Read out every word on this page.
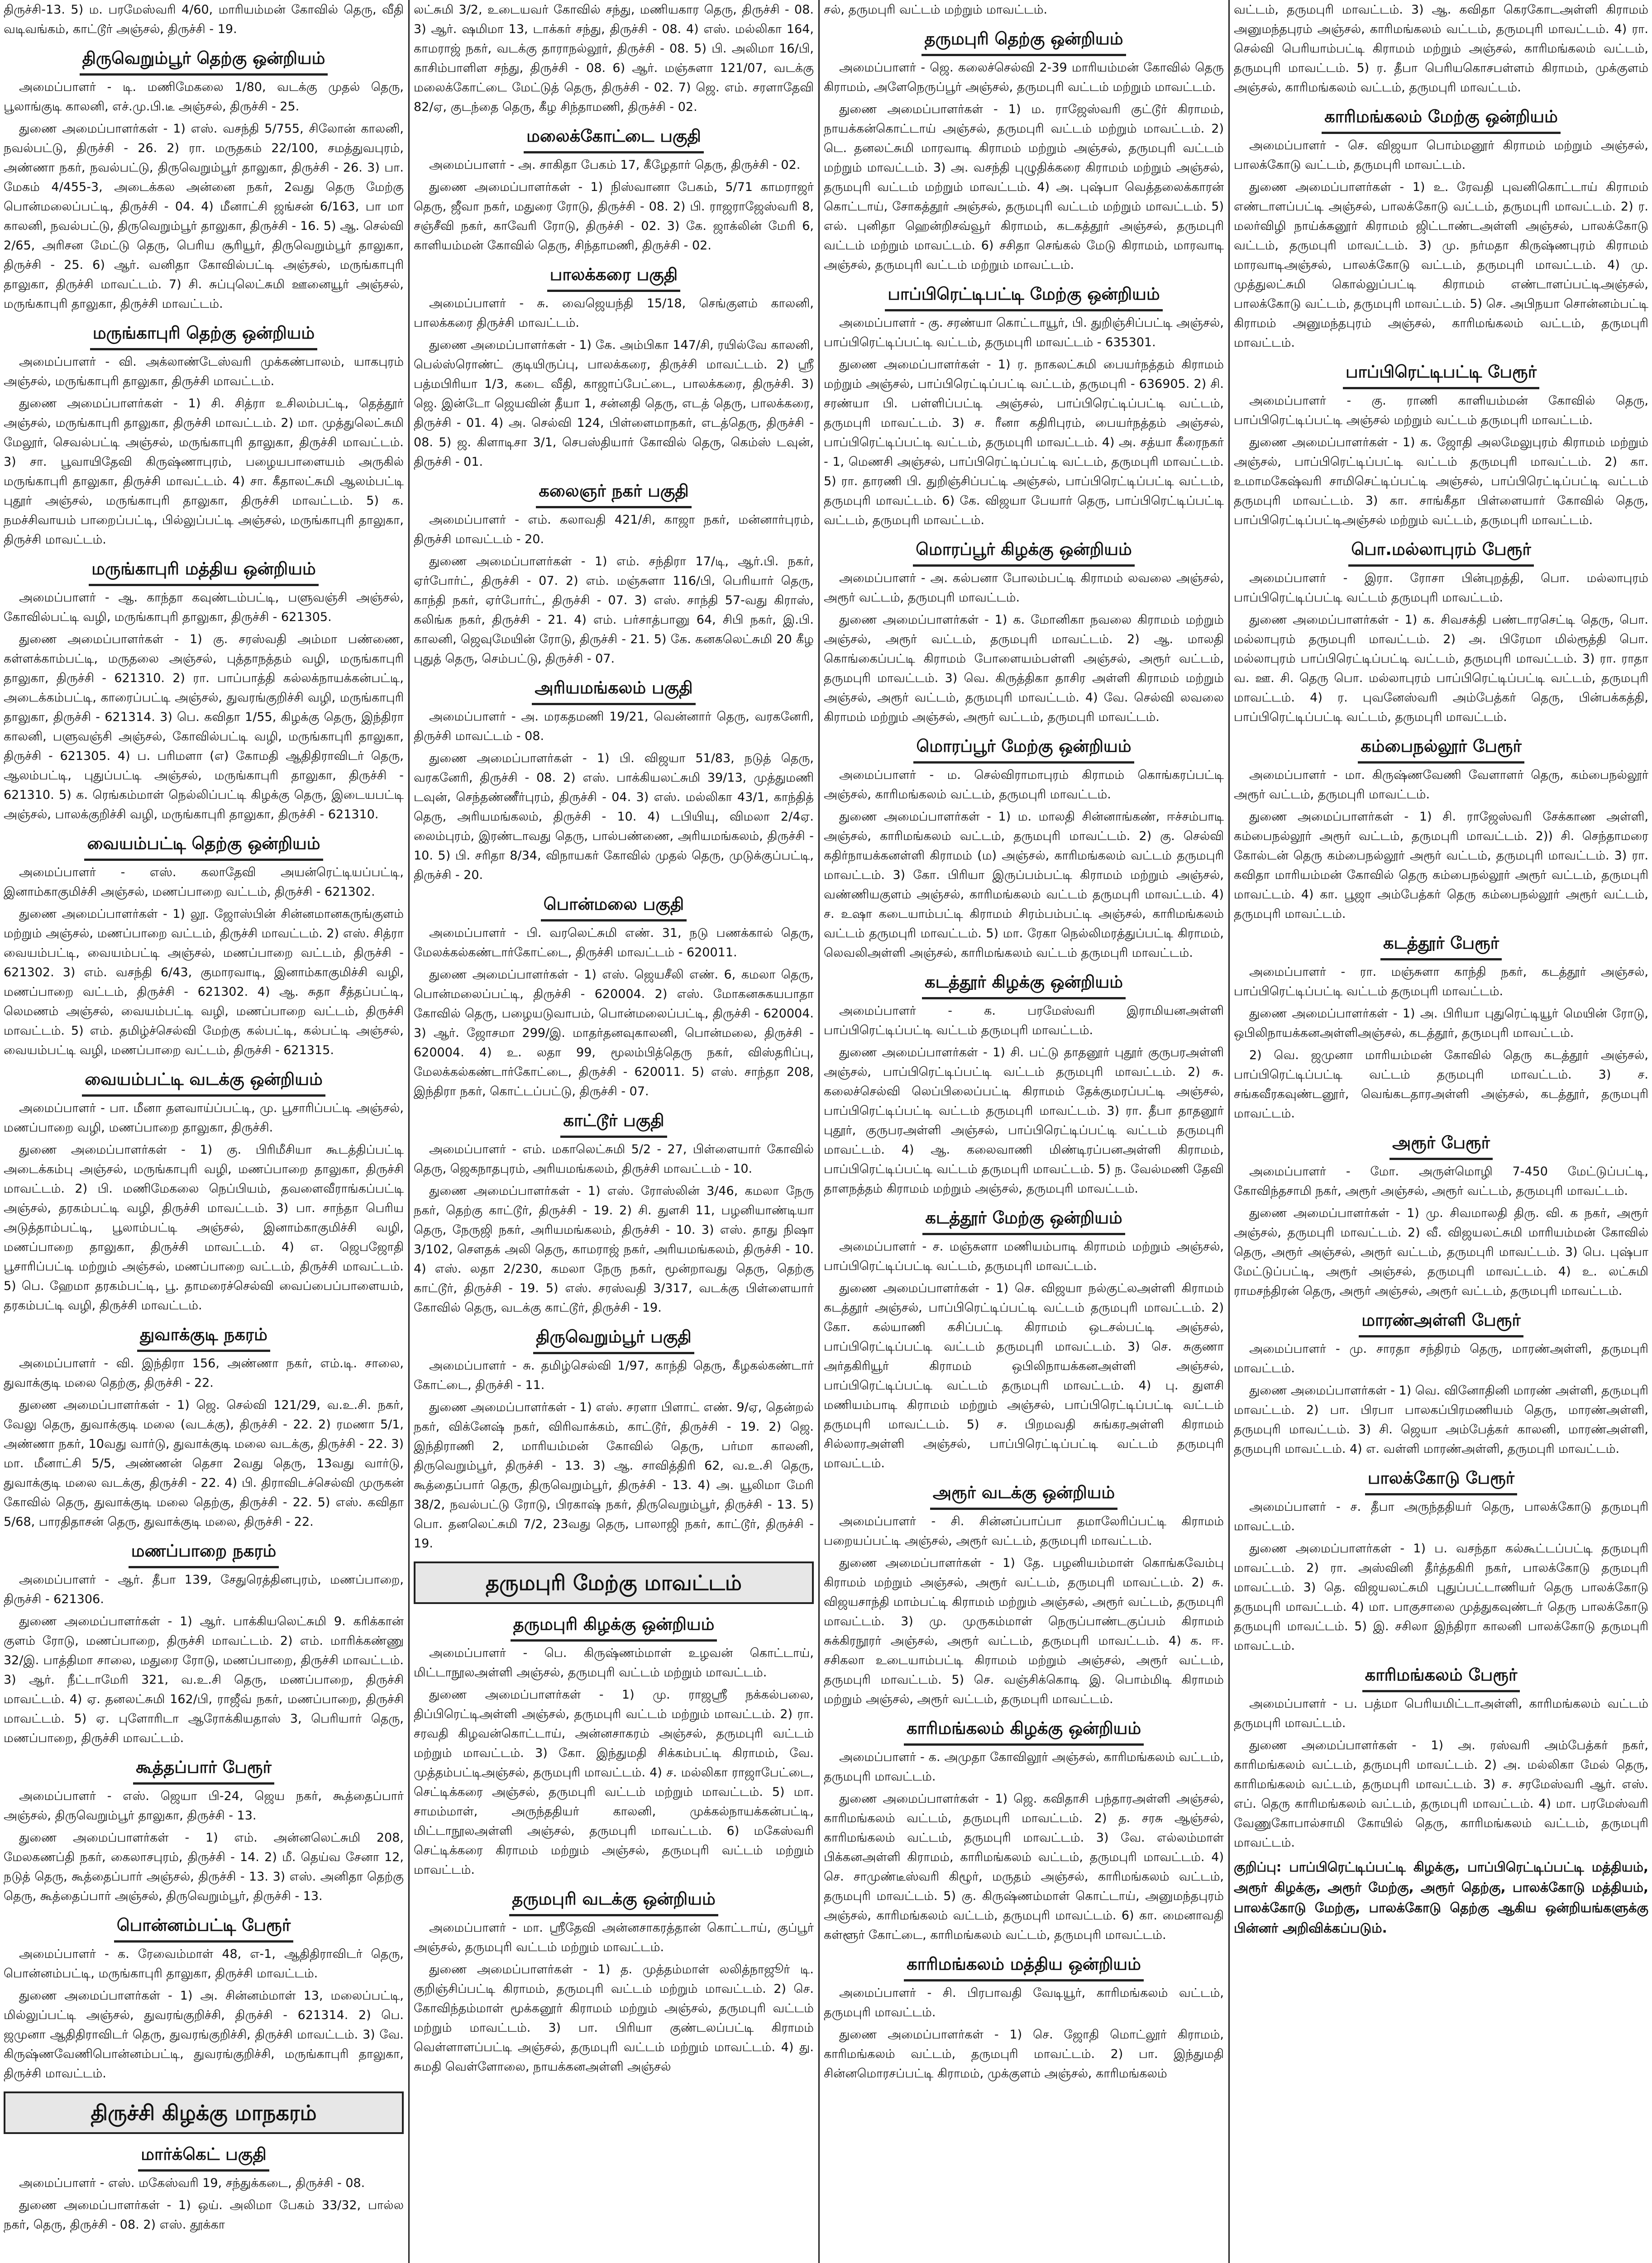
திருச்சி-13. 5) ம. பரமேஸ்வரி 4/60, மாரியம்மன் கோவில் தெரு, வீதி வடிவங்கம், காட்டூர் அஞ்சல், திருச்சி - 19.

திருவெறும்பூர் தெற்கு ஒன்றியம்

அமைப்பாளர் - டி. மணிமேகலை 1/80, வடக்கு முதல் தெரு, பூலாங்குடி காலனி, எச்.மு.பி.டீ அஞ்சல், திருச்சி - 25.

துணை அமைப்பாளர்கள் - 1) எஸ். வசந்தி 5/755, சிலோன் காலனி, நவல்பட்டு, திருச்சி - 26. 2) ரா. மருதகம் 22/100, சமத்துவபுரம், அண்ணா நகர், நவல்பட்டு, திருவெறும்பூர் தாலுகா, திருச்சி - 26. 3) பா. மேகம் 4/455-3, அடைக்கல அன்னை நகர், 2வது தெரு மேற்கு பொன்மலைப்பட்டி, திருச்சி - 04. 4) மீனாட்சி ஜங்சன் 6/163, பா மா காலனி, நவல்பட்டு, திருவெறும்பூர் தாலுகா, திருச்சி - 16. 5) ஆ. செல்வி 2/65, அரிசன மேட்டு தெரு, பெரிய சூரியூர், திருவெறும்பூர் தாலுகா, திருச்சி - 25. 6) ஆர். வனிதா கோவில்பட்டி அஞ்சல், மருங்காபுரி தாலுகா, திருச்சி மாவட்டம். 7) சி. சுப்புலெட்சுமி ஊனையூர் அஞ்சல், மருங்காபுரி தாலுகா, திருச்சி மாவட்டம்.

மருங்காபுரி தெற்கு ஒன்றியம்

அமைப்பாளர் - வி. அக்லாண்டேஸ்வரி முக்கண்பாலம், யாகபுரம் அஞ்சல், மருங்காபுரி தாலுகா, திருச்சி மாவட்டம்.

துணை அமைப்பாளர்கள் - 1) சி. சித்ரா உசிலம்பட்டி, தெத்தூர் அஞ்சல், மருங்காபுரி தாலுகா, திருச்சி மாவட்டம். 2) மா. முத்துலெட்சுமி மேலூர், செவல்பட்டி அஞ்சல், மருங்காபுரி தாலுகா, திருச்சி மாவட்டம். 3) சா. பூவாயிதேவி கிருஷ்ணாபுரம், பழையபாளையம் அருகில் மருங்காபுரி தாலுகா, திருச்சி மாவட்டம். 4) சா. கீதாலட்சுமி ஆலம்பட்டி புதூர் அஞ்சல், மருங்காபுரி தாலுகா, திருச்சி மாவட்டம். 5) க. நமச்சிவாயம் பாறைப்பட்டி, பில்லுப்பட்டி அஞ்சல், மருங்காபுரி தாலுகா, திருச்சி மாவட்டம்.

மருங்காபுரி மத்திய ஒன்றியம்

அமைப்பாளர் - ஆ. காந்தா கவுண்டம்பட்டி, பளுவஞ்சி அஞ்சல், கோவில்பட்டி வழி, மருங்காபுரி தாலுகா, திருச்சி - 621305.

துணை அமைப்பாளர்கள் - 1) கு. சரஸ்வதி அம்மா பண்ணை, கள்ளக்காம்பட்டி, மருதலை அஞ்சல், புத்தாநத்தம் வழி, மருங்காபுரி தாலுகா, திருச்சி - 621310. 2) ரா. பாப்பாத்தி கல்லக்நாயக்கன்பட்டி, அடைக்கம்பட்டி, காரைப்பட்டி அஞ்சல், துவரங்குறிச்சி வழி, மருங்காபுரி தாலுகா, திருச்சி - 621314. 3) பெ. கவிதா 1/55, கிழக்கு தெரு, இந்திரா காலனி, பளுவஞ்சி அஞ்சல், கோவில்பட்டி வழி, மருங்காபுரி தாலுகா, திருச்சி - 621305. 4) ப. பரிமளா (எ) கோமதி ஆதிதிராவிடர் தெரு, ஆலம்பட்டி, புதுப்பட்டி அஞ்சல், மருங்காபுரி தாலுகா, திருச்சி - 621310. 5) க. ரெங்கம்மாள் நெல்லிப்பட்டி கிழக்கு தெரு, இடையபட்டி அஞ்சல், பாலக்குறிச்சி வழி, மருங்காபுரி தாலுகா, திருச்சி - 621310.

வையம்பட்டி தெற்கு ஒன்றியம்

அமைப்பாளர் - எஸ். கலாதேவி அயன்ரெட்டியப்பட்டி, இனாம்காகுமிச்சி அஞ்சல், மணப்பாறை வட்டம், திருச்சி - 621302.

துணை அமைப்பாளர்கள் - 1) லூ. ஜோஸ்பின் சின்னமானகருங்குளம் மற்றும் அஞ்சல், மணப்பாறை வட்டம், திருச்சி மாவட்டம். 2) எஸ். சித்ரா வையம்பட்டி, வையம்பட்டி அஞ்சல், மணப்பாறை வட்டம், திருச்சி - 621302. 3) எம். வசந்தி 6/43, குமாரவாடி, இனாம்காகுமிச்சி வழி, மணப்பாறை வட்டம், திருச்சி - 621302. 4) ஆ. சுதா சீத்தப்பட்டி, லெமணம் அஞ்சல், வையம்பட்டி வழி, மணப்பாறை வட்டம், திருச்சி மாவட்டம். 5) எம். தமிழ்ச்செல்வி மேற்கு கல்பட்டி, கல்பட்டி அஞ்சல், வையம்பட்டி வழி, மணப்பாறை வட்டம், திருச்சி - 621315.

வையம்பட்டி வடக்கு ஒன்றியம்

அமைப்பாளர் - பா. மீனா தளவாய்ப்பட்டி, மு. பூசாரிப்பட்டி அஞ்சல், மணப்பாறை வழி, மணப்பாறை தாலுகா, திருச்சி.

துணை அமைப்பாளர்கள் - 1) கு. பிரிமீசியா கூடத்திப்பட்டி அடைக்கம்பு அஞ்சல், மருங்காபுரி வழி, மணப்பாறை தாலுகா, திருச்சி மாவட்டம். 2) பி. மணிமேகலை நெப்பியம், தவளைவீராங்கப்பட்டி அஞ்சல், தரகம்பட்டி வழி, திருச்சி மாவட்டம். 3) பா. சாந்தா பெரிய அடுத்தாம்பட்டி, பூலாம்பட்டி அஞ்சல், இனாம்காகுமிச்சி வழி, மணப்பாறை தாலுகா, திருச்சி மாவட்டம். 4) எ. ஜெபஜோதி பூசாரிப்பட்டி மற்றும் அஞ்சல், மணப்பாறை வட்டம், திருச்சி மாவட்டம். 5) பெ. ஹேமா தரகம்பட்டி, பூ. தாமரைச்செல்வி வைப்பைப்பாளையம், தரகம்பட்டி வழி, திருச்சி மாவட்டம்.

துவாக்குடி நகரம்

அமைப்பாளர் - வி. இந்திரா 156, அண்ணா நகர், எம்.டி. சாலை, துவாக்குடி மலை தெற்கு, திருச்சி - 22.

துணை அமைப்பாளர்கள் - 1) ஜெ. செல்வி 121/29, வ.உ.சி. நகர், வேலு தெரு, துவாக்குடி மலை (வடக்கு), திருச்சி - 22. 2) ரமணா 5/1, அண்ணா நகர், 10வது வார்டு, துவாக்குடி மலை வடக்கு, திருச்சி - 22. 3) மா. மீனாட்சி 5/5, அண்ணன் தெசா 2வது தெரு, 13வது வார்டு, துவாக்குடி மலை வடக்கு, திருச்சி - 22. 4) பி. திராவிடச்செல்வி முருகன் கோவில் தெரு, துவாக்குடி மலை தெற்கு, திருச்சி - 22. 5) எஸ். கவிதா 5/68, பாரதிதாசன் தெரு, துவாக்குடி மலை, திருச்சி - 22.

மணப்பாறை நகரம்

அமைப்பாளர் - ஆர். தீபா 139, சேதுரெத்தினபுரம், மணப்பாறை, திருச்சி - 621306.

துணை அமைப்பாளர்கள் - 1) ஆர். பாக்கியலெட்சுமி 9. கரிக்கான் குளம் ரோடு, மணப்பாறை, திருச்சி மாவட்டம். 2) எம். மாரிக்கண்ணு 32/இ. பாத்திமா சாலை, மதுரை ரோடு, மணப்பாறை, திருச்சி மாவட்டம். 3) ஆர். நீட்டாமேரி 321, வ.உ.சி தெரு, மணப்பாறை, திருச்சி மாவட்டம். 4) ஏ. தனலட்சுமி 162/பி, ராஜீவ் நகர், மணப்பாறை, திருச்சி மாவட்டம். 5) ஏ. புளோரிடா ஆரோக்கியதாஸ் 3, பெரியார் தெரு, மணப்பாறை, திருச்சி மாவட்டம்.

கூத்தப்பார் பேரூர்

அமைப்பாளர் - எஸ். ஜெயா பி-24, ஜெய நகர், கூத்தைப்பார் அஞ்சல், திருவெறும்பூர் தாலுகா, திருச்சி - 13.

துணை அமைப்பாளர்கள் - 1) எம். அன்னலெட்சுமி 208, மேலகணப்தி நகர், கைலாசபுரம், திருச்சி - 14. 2) மீ. தெய்வ சேனா 12, நடுத் தெரு, கூத்தைப்பார் அஞ்சல், திருச்சி - 13. 3) எஸ். அனிதா தெற்கு தெரு, கூத்தைப்பார் அஞ்சல், திருவெறும்பூர், திருச்சி - 13.

பொன்னம்பட்டி பேரூர்

அமைப்பாளர் - க. ரேவைம்மாள் 48, எ-1, ஆதிதிராவிடர் தெரு, பொன்னம்பட்டி, மருங்காபுரி தாலுகா, திருச்சி மாவட்டம்.

துணை அமைப்பாளர்கள் - 1) அ. சின்னம்மாள் 13, மலைப்பட்டி, மில்லுப்பட்டி அஞ்சல், துவரங்குறிச்சி, திருச்சி - 621314. 2) பெ. ஜமுனா ஆதிதிராவிடர் தெரு, துவரங்குறிச்சி, திருச்சி மாவட்டம். 3) வே. கிருஷ்ணவேணிபொன்னம்பட்டி, துவரங்குறிச்சி, மருங்காபுரி தாலுகா, திருச்சி மாவட்டம்.

திருச்சி கிழக்கு மாநகரம்
மார்க்கெட் பகுதி

அமைப்பாளர் - எஸ். மகேஸ்வரி 19, சந்துக்கடை, திருச்சி - 08.

துணை அமைப்பாளர்கள் - 1) ஒய். அலிமா பேகம் 33/32, பால்ல நகர், தெரு, திருச்சி - 08. 2) எஸ். தூக்கா

லட்சுமி 3/2, உடையவர் கோவில் சந்து, மணியகார தெரு, திருச்சி - 08. 3) ஆர். ஷமிமா 13, டாக்கர் சந்து, திருச்சி - 08. 4) எஸ். மல்லிகா 164, காமராஜ் நகர், வடக்கு தாராநல்லூர், திருச்சி - 08. 5) பி. அலிமா 16/பி, காசிம்பாளிள சந்து, திருச்சி - 08. 6) ஆர். மஞ்சுளா 121/07, வடக்கு மலைக்கோட்டை மேட்டுத் தெரு, திருச்சி - 02. 7) ஜெ. எம். சரளாதேவி 82/ஏ, குடந்தை தெரு, கீழ சிந்தாமணி, திருச்சி - 02.

மலைக்கோட்டை பகுதி

அமைப்பாளர் - அ. சாகிதா பேகம் 17, கீழேதார் தெரு, திருச்சி - 02.

துணை அமைப்பாளர்கள் - 1) நிஸ்வானா பேகம், 5/71 காமராஜர் தெரு, ஜீவா நகர், மதுரை ரோடு, திருச்சி - 08. 2) பி. ராஜராஜேஸ்வரி 8, சஞ்சீவி நகர், காவேரி ரோடு, திருச்சி - 02. 3) கே. ஜாக்லின் மேரி 6, காளியம்மன் கோவில் தெரு, சிந்தாமணி, திருச்சி - 02.

பாலக்கரை பகுதி

அமைப்பாளர் - சு. வைஜெயந்தி 15/18, செங்குளம் காலனி, பாலக்கரை திருச்சி மாவட்டம்.

துணை அமைப்பாளர்கள் - 1) கே. அம்பிகா 147/சி, ரயில்வே காலனி, பெல்ஸ்ரொண்ட் குடியிருப்பு, பாலக்கரை, திருச்சி மாவட்டம். 2) ஸ்ரீ பத்மபிரியா 1/3, கடை வீதி, காஜாப்பேட்டை, பாலக்கரை, திருச்சி. 3) ஜெ. இன்டோ ஜெயவின் தீயா 1, சன்னதி தெரு, எடத் தெரு, பாலக்கரை, திருச்சி - 01. 4) அ. செல்வி 124, பிள்ளைமாநகர், எடத்தெரு, திருச்சி - 08. 5) ஜ. கிளாடிசா 3/1, செபஸ்தியார் கோவில் தெரு, கெம்ஸ் டவுன், திருச்சி - 01.

கலைஞர் நகர் பகுதி

அமைப்பாளர் - எம். கலாவதி 421/சி, காஜா நகர், மன்னார்புரம், திருச்சி மாவட்டம் - 20.

துணை அமைப்பாளர்கள் - 1) எம். சந்திரா 17/டி, ஆர்.பி. நகர், ஏர்போர்ட், திருச்சி - 07. 2) எம். மஞ்சுளா 116/பி, பெரியார் தெரு, காந்தி நகர், ஏர்போர்ட், திருச்சி - 07. 3) எஸ். சாந்தி 57-வது கிராஸ், கலிங்க நகர், திருச்சி - 21. 4) எம். பர்சாத்பானு 64, சிபி நகர், இ.பி. காலனி, ஜெவுமேயின் ரோடு, திருச்சி - 21. 5) கே. கனகலெட்சுமி 20 கீழ புதுத் தெரு, செம்பட்டு, திருச்சி - 07.

அரியமங்கலம் பகுதி

அமைப்பாளர் - அ. மரகதமணி 19/21, வென்னார் தெரு, வரகனேரி, திருச்சி மாவட்டம் - 08.

துணை அமைப்பாளர்கள் - 1) பி. விஜயா 51/83, நடுத் தெரு, வரகனேரி, திருச்சி - 08. 2) எஸ். பாக்கியலட்சுமி 39/13, முத்துமணி டவுன், செந்தண்ணீர்புரம், திருச்சி - 04. 3) எஸ். மல்லிகா 43/1, காந்தித் தெரு, அரியமங்கலம், திருச்சி - 10. 4) டபியியு, விமலா 2/4ஏ. லைம்புரம், இரண்டாவது தெரு, பால்பண்ணை, அரியமங்கலம், திருச்சி - 10. 5) பி. சரிதா 8/34, விநாயகர் கோவில் முதல் தெரு, முடுக்குப்பட்டி, திருச்சி - 20.

பொன்மலை பகுதி

அமைப்பாளர் - பி. வரலெட்சுமி எண். 31, நடு பணக்கால் தெரு, மேலக்கல்கண்டார்கோட்டை, திருச்சி மாவட்டம் - 620011.

துணை அமைப்பாளர்கள் - 1) எஸ். ஜெயசீலி எண். 6, கமலா தெரு, பொன்மலைப்பட்டி, திருச்சி - 620004. 2) எஸ். மோகனசுகயபாதா கோவில் தெரு, பழையடுவாபம், பொன்மலைப்பட்டி, திருச்சி - 620004. 3) ஆர். ஜோசமா 299/இ. மாதர்தனவுகாலனி, பொன்மலை, திருச்சி - 620004. 4) உ. லதா 99, மூலம்பித்தெரு நகர், விஸ்தரிப்பு, மேலக்கல்கண்டார்கோட்டை, திருச்சி - 620011. 5) எஸ். சாந்தா 208, இந்திரா நகர், கொட்டப்பட்டு, திருச்சி - 07.

காட்டூர் பகுதி

அமைப்பாளர் - எம். மகாலெட்சுமி 5/2 - 27, பிள்ளையார் கோவில் தெரு, ஜெகநாதபுரம், அரியமங்கலம், திருச்சி மாவட்டம் - 10.

துணை அமைப்பாளர்கள் - 1) எஸ். ரோஸ்லின் 3/46, கமலா நேரு நகர், தெற்கு காட்டூர், திருச்சி - 19. 2) சி. துளசி 11, பழனியாண்டியா தெரு, நேருஜி நகர், அரியமங்கலம், திருச்சி - 10. 3) எஸ். தாது நிஷா 3/102, சௌதக் அலி தெரு, காமராஜ் நகர், அரியமங்கலம், திருச்சி - 10. 4) எஸ். லதா 2/230, கமலா நேரு நகர், மூன்றாவது தெரு, தெற்கு காட்டூர், திருச்சி - 19. 5) எஸ். சரஸ்வதி 3/317, வடக்கு பிள்ளையார் கோவில் தெரு, வடக்கு காட்டூர், திருச்சி - 19.

திருவெறும்பூர் பகுதி

அமைப்பாளர் - சு. தமிழ்செல்வி 1/97, காந்தி தெரு, கீழகல்கண்டார் கோட்டை, திருச்சி - 11.

துணை அமைப்பாளர்கள் - 1) எஸ். சரளா பிளாட் எண். 9/ஏ, தென்றல் நகர், விக்னேஷ் நகர், விரிவாக்கம், காட்டூர், திருச்சி - 19. 2) ஜெ. இந்திராணி 2, மாரியம்மன் கோவில் தெரு, பர்மா காலனி, திருவெறும்பூர், திருச்சி - 13. 3) ஆ. சாவித்திரி 62, வ.உ.சி தெரு, கூத்தைப்பார் தெரு, திருவெறும்பூர், திருச்சி - 13. 4) அ. யூலிமா மேரி 38/2, நவல்பட்டு ரோடு, பிரகாஷ் நகர், திருவெறும்பூர், திருச்சி - 13. 5) பொ. தனலெட்சுமி 7/2, 23வது தெரு, பாலாஜி நகர், காட்டூர், திருச்சி - 19.

தருமபுரி மேற்கு மாவட்டம்
தருமபுரி கிழக்கு ஒன்றியம்

அமைப்பாளர் - பெ. கிருஷ்ணம்மாள் உழவன் கொட்டாய், மிட்டாநூலஅள்ளி அஞ்சல், தருமபுரி வட்டம் மற்றும் மாவட்டம்.

துணை அமைப்பாளர்கள் - 1) மு. ராஜஸ்ரீ நக்கல்பலை, திப்பிரெட்டிஅள்ளி அஞ்சல், தருமபுரி வட்டம் மற்றும் மாவட்டம். 2) ரா. சரவதி கிழவன்கொட்டாய், அன்னசாகரம் அஞ்சல், தருமபுரி வட்டம் மற்றும் மாவட்டம். 3) கோ. இந்துமதி சிக்கம்பட்டி கிராமம், வே. முத்தம்பட்டிஅஞ்சல், தருமபுரி மாவட்டம். 4) ச. மல்லிகா ராஜாபேட்டை, செட்டிக்கரை அஞ்சல், தருமபுரி வட்டம் மற்றும் மாவட்டம். 5) மா. சாமம்மாள், அருந்ததியர் காலனி, முக்கல்நாயக்கன்பட்டி, மிட்டாநூலஅள்ளி அஞ்சல், தருமபுரி மாவட்டம். 6) மகேஸ்வரி செட்டிக்கரை கிராமம் மற்றும் அஞ்சல், தருமபுரி வட்டம் மற்றும் மாவட்டம்.

தருமபுரி வடக்கு ஒன்றியம்

அமைப்பாளர் - மா. ஸ்ரீதேவி அன்னசாகரத்தான் கொட்டாய், குப்பூர் அஞ்சல், தருமபுரி வட்டம் மற்றும் மாவட்டம்.

துணை அமைப்பாளர்கள் - 1) த. முத்தம்மாள் லலித்நாஜூர் டி. குறிஞ்சிப்பட்டி கிராமம், தருமபுரி வட்டம் மற்றும் மாவட்டம். 2) செ. கோவிந்தம்மாள் மூக்கனூர் கிராமம் மற்றும் அஞ்சல், தருமபுரி வட்டம் மற்றும் மாவட்டம். 3) பா. பிரியா குண்டலப்பட்டி கிராமம் வெள்ளாளப்பட்டி அஞ்சல், தருமபுரி வட்டம் மற்றும் மாவட்டம். 4) து. சுமதி வெள்ளோலை, நாயக்கனஅள்ளி அஞ்சல்

சல், தருமபுரி வட்டம் மற்றும் மாவட்டம்.

தருமபுரி தெற்கு ஒன்றியம்

அமைப்பாளர் - ஜெ. கலைச்செல்வி 2-39 மாரியம்மன் கோவில் தெரு கிராமம், அளேநெருப்பூர் அஞ்சல், தருமபுரி வட்டம் மற்றும் மாவட்டம்.

துணை அமைப்பாளர்கள் - 1) ம. ராஜேஸ்வரி குட்டூர் கிராமம், நாயக்கன்கொட்டாய் அஞ்சல், தருமபுரி வட்டம் மற்றும் மாவட்டம். 2) டெ. தனலட்சுமி மாரவாடி கிராமம் மற்றும் அஞ்சல், தருமபுரி வட்டம் மற்றும் மாவட்டம். 3) அ. வசந்தி புழுதிக்கரை கிராமம் மற்றும் அஞ்சல், தருமபுரி வட்டம் மற்றும் மாவட்டம். 4) அ. புஷ்பா வெத்தலைக்காரன் கொட்டாய், சோகத்தூர் அஞ்சல், தருமபுரி வட்டம் மற்றும் மாவட்டம். 5) எல். புனிதா ஹென்றிசவ்வூர் கிராமம், கடகத்தூர் அஞ்சல், தருமபுரி வட்டம் மற்றும் மாவட்டம். 6) சசிதா செங்கல் மேடு கிராமம், மாரவாடி அஞ்சல், தருமபுரி வட்டம் மற்றும் மாவட்டம்.

பாப்பிரெட்டிபட்டி மேற்கு ஒன்றியம்

அமைப்பாளர் - கு. சரண்யா கொட்டாயூர், பி. துறிஞ்சிப்பட்டி அஞ்சல், பாப்பிரெட்டிப்பட்டி வட்டம், தருமபுரி மாவட்டம் - 635301.

துணை அமைப்பாளர்கள் - 1) ர. நாகலட்சுமி பையர்நத்தம் கிராமம் மற்றும் அஞ்சல், பாப்பிரெட்டிப்பட்டி வட்டம், தருமபுரி - 636905. 2) சி. சரண்யா பி. பள்ளிப்பட்டி அஞ்சல், பாப்பிரெட்டிப்பட்டி வட்டம், தருமபுரி மாவட்டம். 3) ச. ரீனா கதிரிபுரம், பையர்நத்தம் அஞ்சல், பாப்பிரெட்டிப்பட்டி வட்டம், தருமபுரி மாவட்டம். 4) அ. சத்யா கீரைநகர் - 1, மெணசி அஞ்சல், பாப்பிரெட்டிப்பட்டி வட்டம், தருமபுரி மாவட்டம். 5) ரா. தாரணி பி. துறிஞ்சிப்பட்டி அஞ்சல், பாப்பிரெட்டிப்பட்டி வட்டம், தருமபுரி மாவட்டம். 6) கே. விஜயா பேயார் தெரு, பாப்பிரெட்டிப்பட்டி வட்டம், தருமபுரி மாவட்டம்.

மொரப்பூர் கிழக்கு ஒன்றியம்

அமைப்பாளர் - அ. கல்பனா போலம்பட்டி கிராமம் லவலை அஞ்சல், அரூர் வட்டம், தருமபுரி மாவட்டம்.

துணை அமைப்பாளர்கள் - 1) க. மோனிகா நவலை கிராமம் மற்றும் அஞ்சல், அரூர் வட்டம், தருமபுரி மாவட்டம். 2) ஆ. மாலதி கொங்கைப்பட்டி கிராமம் போளையம்பள்ளி அஞ்சல், அரூர் வட்டம், தருமபுரி மாவட்டம். 3) வெ. கிருத்திகா தாசிர அள்ளி கிராமம் மற்றும் அஞ்சல், அரூர் வட்டம், தருமபுரி மாவட்டம். 4) வே. செல்வி லவலை கிராமம் மற்றும் அஞ்சல், அரூர் வட்டம், தருமபுரி மாவட்டம்.

மொரப்பூர் மேற்கு ஒன்றியம்

அமைப்பாளர் - ம. செல்விராமாபுரம் கிராமம் கொங்கரப்பட்டி அஞ்சல், காரிமங்கலம் வட்டம், தருமபுரி மாவட்டம்.

துணை அமைப்பாளர்கள் - 1) ம. மாலதி சின்னாங்கண், ஈச்சம்பாடி அஞ்சல், காரிமங்கலம் வட்டம், தருமபுரி மாவட்டம். 2) கு. செல்வி கதிர்நாயக்கனள்ளி கிராமம் (ம) அஞ்சல், காரிமங்கலம் வட்டம் தருமபுரி மாவட்டம். 3) கோ. பிரியா இருப்பம்பட்டி கிராமம் மற்றும் அஞ்சல், வண்ணியகுளம் அஞ்சல், காரிமங்கலம் வட்டம் தருமபுரி மாவட்டம். 4) ச. உஷா கடையாம்பட்டி கிராமம் சிரம்பம்பட்டி அஞ்சல், காரிமங்கலம் வட்டம் தருமபுரி மாவட்டம். 5) மா. ரேகா நெல்லிமரத்துப்பட்டி கிராமம், லெவலிஅள்ளி அஞ்சல், காரிமங்கலம் வட்டம் தருமபுரி மாவட்டம்.

கடத்தூர் கிழக்கு ஒன்றியம்

அமைப்பாளர் - க. பரமேஸ்வரி இராமியனஅள்ளி பாப்பிரெட்டிப்பட்டி வட்டம் தருமபுரி மாவட்டம்.

துணை அமைப்பாளர்கள் - 1) சி. பட்டு தாதனூர் புதூர் குருபரஅள்ளி அஞ்சல், பாப்பிரெட்டிப்பட்டி வட்டம் தருமபுரி மாவட்டம். 2) சு. கலைச்செல்வி லெப்பிலைப்பட்டி கிராமம் தேக்குமரப்பட்டி அஞ்சல், பாப்பிரெட்டிப்பட்டி வட்டம் தருமபுரி மாவட்டம். 3) ரா. தீபா தாதனூர் புதூர், குருபரஅள்ளி அஞ்சல், பாப்பிரெட்டிப்பட்டி வட்டம் தருமபுரி மாவட்டம். 4) ஆ. கலைவாணி மிண்டிரப்பனஅள்ளி கிராமம், பாப்பிரெட்டிப்பட்டி வட்டம் தருமபுரி மாவட்டம். 5) ந. வேல்மணி தேவி தாளநத்தம் கிராமம் மற்றும் அஞ்சல், தருமபுரி மாவட்டம்.

கடத்தூர் மேற்கு ஒன்றியம்

அமைப்பாளர் - ச. மஞ்சுளா மணியம்பாடி கிராமம் மற்றும் அஞ்சல், பாப்பிரெட்டிப்பட்டி வட்டம், தருமபுரி மாவட்டம்.

துணை அமைப்பாளர்கள் - 1) செ. விஜயா நல்குட்லஅள்ளி கிராமம் கடத்தூர் அஞ்சல், பாப்பிரெட்டிப்பட்டி வட்டம் தருமபுரி மாவட்டம். 2) கோ. கல்யாணி கசிப்பட்டி கிராமம் ஒடசல்பட்டி அஞ்சல், பாப்பிரெட்டிப்பட்டி வட்டம் தருமபுரி மாவட்டம். 3) செ. சுகுணா அர்தகிரியூர் கிராமம் ஒபிலிநாயக்கனஅள்ளி அஞ்சல், பாப்பிரெட்டிப்பட்டி வட்டம் தருமபுரி மாவட்டம். 4) பு. துளசி மணியம்பாடி கிராமம் மற்றும் அஞ்சல், பாப்பிரெட்டிப்பட்டி வட்டம் தருமபுரி மாவட்டம். 5) ச. பிறமவதி சுங்கரஅள்ளி கிராமம் சில்லாரஅள்ளி அஞ்சல், பாப்பிரெட்டிப்பட்டி வட்டம் தருமபுரி மாவட்டம்.

அரூர் வடக்கு ஒன்றியம்

அமைப்பாளர் - சி. சின்னப்பாப்பா தமாலேரிப்பட்டி கிராமம் பறையப்பட்டி அஞ்சல், அரூர் வட்டம், தருமபுரி மாவட்டம்.

துணை அமைப்பாளர்கள் - 1) தே. பழனியம்மாள் கொங்கவேம்பு கிராமம் மற்றும் அஞ்சல், அரூர் வட்டம், தருமபுரி மாவட்டம். 2) சு. விஜயசாந்தி மாம்பட்டி கிராமம் மற்றும் அஞ்சல், அரூர் வட்டம், தருமபுரி மாவட்டம். 3) மு. முருகம்மாள் நெருப்பாண்டகுப்பம் கிராமம் சுக்கிரநூரர் அஞ்சல், அரூர் வட்டம், தருமபுரி மாவட்டம். 4) க. ஈ. சசிகலா உடையாம்பட்டி கிராமம் மற்றும் அஞ்சல், அரூர் வட்டம், தருமபுரி மாவட்டம். 5) செ. வஞ்சிக்கொடி இ. பொம்மிடி கிராமம் மற்றும் அஞ்சல், அரூர் வட்டம், தருமபுரி மாவட்டம்.

காரிமங்கலம் கிழக்கு ஒன்றியம்

அமைப்பாளர் - க. அமுதா கோவிலூர் அஞ்சல், காரிமங்கலம் வட்டம், தருமபுரி மாவட்டம்.

துணை அமைப்பாளர்கள் - 1) ஜெ. கவிதாசி பந்தாரஅள்ளி அஞ்சல், காரிமங்கலம் வட்டம், தருமபுரி மாவட்டம். 2) த. சரசு ஆஞ்சல், காரிமங்கலம் வட்டம், தருமபுரி மாவட்டம். 3) வே. எல்லம்மாள் பிக்கனஅள்ளி கிராமம், காரிமங்கலம் வட்டம், தருமபுரி மாவட்டம். 4) செ. சாமுண்டீஸ்வரி கிழூர், மருதம் அஞ்சல், காரிமங்கலம் வட்டம், தருமபுரி மாவட்டம். 5) கு. கிருஷ்ணம்மாள் கொட்டாய், அனுமந்தபுரம் அஞ்சல், காரிமங்கலம் வட்டம், தருமபுரி மாவட்டம். 6) கா. மைனாவதி கள்ளூர் கோட்டை, காரிமங்கலம் வட்டம், தருமபுரி மாவட்டம்.

காரிமங்கலம் மத்திய ஒன்றியம்

அமைப்பாளர் - சி. பிரபாவதி வேடியூர், காரிமங்கலம் வட்டம், தருமபுரி மாவட்டம்.

துணை அமைப்பாளர்கள் - 1) செ. ஜோதி மொட்லூர் கிராமம், காரிமங்கலம் வட்டம், தருமபுரி மாவட்டம். 2) பா. இந்துமதி சின்னமொரசப்பட்டி கிராமம், முக்குளம் அஞ்சல், காரிமங்கலம்

வட்டம், தருமபுரி மாவட்டம். 3) ஆ. கவிதா கெரகோடஅள்ளி கிராமம் அனுமந்தபுரம் அஞ்சல், காரிமங்கலம் வட்டம், தருமபுரி மாவட்டம். 4) ரா. செல்வி பெரியாம்பட்டி கிராமம் மற்றும் அஞ்சல், காரிமங்கலம் வட்டம், தருமபுரி மாவட்டம். 5) ர. தீபா பெரியகொசபள்ளம் கிராமம், முக்குளம் அஞ்சல், காரிமங்கலம் வட்டம், தருமபுரி மாவட்டம்.

காரிமங்கலம் மேற்கு ஒன்றியம்

அமைப்பாளர் - செ. விஜயா பொம்மனூர் கிராமம் மற்றும் அஞ்சல், பாலக்கோடு வட்டம், தருமபுரி மாவட்டம்.

துணை அமைப்பாளர்கள் - 1) உ. ரேவதி புவனிகொட்டாய் கிராமம் எண்டாளப்பட்டி அஞ்சல், பாலக்கோடு வட்டம், தருமபுரி மாவட்டம். 2) ர. மலர்விழி நாய்க்கனூர் கிராமம் ஜிட்டாண்டஅள்ளி அஞ்சல், பாலக்கோடு வட்டம், தருமபுரி மாவட்டம். 3) மு. நர்மதா கிருஷ்ணபுரம் கிராமம் மாரவாடிஅஞ்சல், பாலக்கோடு வட்டம், தருமபுரி மாவட்டம். 4) மு. முத்துலட்சுமி கொல்லுப்பட்டி கிராமம் எண்டாளப்பட்டிஅஞ்சல், பாலக்கோடு வட்டம், தருமபுரி மாவட்டம். 5) செ. அபிநயா சொன்னம்பட்டி கிராமம் அனுமந்தபுரம் அஞ்சல், காரிமங்கலம் வட்டம், தருமபுரி மாவட்டம்.

பாப்பிரெட்டிபட்டி பேரூர்

அமைப்பாளர் - கு. ராணி காளியம்மன் கோவில் தெரு, பாப்பிரெட்டிப்பட்டி அஞ்சல் மற்றும் வட்டம் தருமபுரி மாவட்டம்.

துணை அமைப்பாளர்கள் - 1) க. ஜோதி அலமேலுபுரம் கிராமம் மற்றும் அஞ்சல், பாப்பிரெட்டிப்பட்டி வட்டம் தருமபுரி மாவட்டம். 2) கா. உமாமகேஷ்வரி சாமிசெட்டிப்பட்டி அஞ்சல், பாப்பிரெட்டிப்பட்டி வட்டம் தருமபுரி மாவட்டம். 3) கா. சாங்கீதா பிள்ளையார் கோவில் தெரு, பாப்பிரெட்டிப்பட்டிஅஞ்சல் மற்றும் வட்டம், தருமபுரி மாவட்டம்.

பொ.மல்லாபுரம் பேரூர்

அமைப்பாளர் - இரா. ரோசா பின்புறத்தி, பொ. மல்லாபுரம் பாப்பிரெட்டிப்பட்டி வட்டம் தருமபுரி மாவட்டம்.

துணை அமைப்பாளர்கள் - 1) க. சிவசக்தி பண்டாரசெட்டி தெரு, பொ. மல்லாபுரம் தருமபுரி மாவட்டம். 2) அ. பிரேமா மில்ரூத்தி பொ. மல்லாபுரம் பாப்பிரெட்டிப்பட்டி வட்டம், தருமபுரி மாவட்டம். 3) ரா. ராதா வ. ஊ. சி. தெரு பொ. மல்லாபுரம் பாப்பிரெட்டிப்பட்டி வட்டம், தருமபுரி மாவட்டம். 4) ர. புவனேஸ்வரி அம்பேத்கர் தெரு, பின்பக்கத்தி, பாப்பிரெட்டிப்பட்டி வட்டம், தருமபுரி மாவட்டம்.

கம்பைநல்லூர் பேரூர்

அமைப்பாளர் - மா. கிருஷ்ணவேணி வேளாளர் தெரு, கம்பைநல்லூர் அரூர் வட்டம், தருமபுரி மாவட்டம்.

துணை அமைப்பாளர்கள் - 1) சி. ராஜேஸ்வரி சேக்காண அள்ளி, கம்பைநல்லூர் அரூர் வட்டம், தருமபுரி மாவட்டம். 2)) சி. செந்தாமரை கோல்டன் தெரு கம்பைநல்லூர் அரூர் வட்டம், தருமபுரி மாவட்டம். 3) ரா. கவிதா மாரியம்மன் கோவில் தெரு கம்பைநல்லூர் அரூர் வட்டம், தருமபுரி மாவட்டம். 4) கா. பூஜா அம்பேத்கர் தெரு கம்பைநல்லூர் அரூர் வட்டம், தருமபுரி மாவட்டம்.

கடத்தூர் பேரூர்

அமைப்பாளர் - ரா. மஞ்சுளா காந்தி நகர், கடத்தூர் அஞ்சல், பாப்பிரெட்டிப்பட்டி வட்டம் தருமபுரி மாவட்டம்.

துணை அமைப்பாளர்கள் - 1) அ. பிரியா புதுரெட்டியூர் மெயின் ரோடு, ஒபிலிநாயக்கனஅள்ளிஅஞ்சல், கடத்தூர், தருமபுரி மாவட்டம்.

2) வெ. ஜமுனா மாரியம்மன் கோவில் தெரு கடத்தூர் அஞ்சல், பாப்பிரெட்டிப்பட்டி வட்டம் தருமபுரி மாவட்டம். 3) ச. சங்கவீரகவுண்டனூர், வெங்கடதாரஅள்ளி அஞ்சல், கடத்தூர், தருமபுரி மாவட்டம்.

அரூர் பேரூர்

அமைப்பாளர் - மோ. அருள்மொழி 7-450 மேட்டுப்பட்டி, கோவிந்தசாமி நகர், அரூர் அஞ்சல், அரூர் வட்டம், தருமபுரி மாவட்டம்.

துணை அமைப்பாளர்கள் - 1) மு. சிவமாலதி திரு. வி. க நகர், அரூர் அஞ்சல், தருமபுரி மாவட்டம். 2) வீ. விஜயலட்சுமி மாரியம்மன் கோவில் தெரு, அரூர் அஞ்சல், அரூர் வட்டம், தருமபுரி மாவட்டம். 3) பெ. புஷ்பா மேட்டுப்பட்டி, அரூர் அஞ்சல், தருமபுரி மாவட்டம். 4) உ. லட்சுமி ராமசந்திரன் தெரு, அரூர் அஞ்சல், அரூர் வட்டம், தருமபுரி மாவட்டம்.

மாரண்அள்ளி பேரூர்

அமைப்பாளர் - மு. சாரதா சந்திரம் தெரு, மாரண்அள்ளி, தருமபுரி மாவட்டம்.

துணை அமைப்பாளர்கள் - 1) வெ. வினோதினி மாரண் அள்ளி, தருமபுரி மாவட்டம். 2) பா. பிரபா பாலகப்பிரமணியம் தெரு, மாரண்அள்ளி, தருமபுரி மாவட்டம். 3) சி. ஜெயா அம்பேத்கர் காலனி, மாரண்அள்ளி, தருமபுரி மாவட்டம். 4) எ. வள்ளி மாரண்அள்ளி, தருமபுரி மாவட்டம்.

பாலக்கோடு பேரூர்

அமைப்பாளர் - ச. தீபா அருந்ததியர் தெரு, பாலக்கோடு தருமபுரி மாவட்டம்.

துணை அமைப்பாளர்கள் - 1) ப. வசந்தா கல்கூட்டப்பட்டி தருமபுரி மாவட்டம். 2) ரா. அஸ்வினி தீர்த்தகிரி நகர், பாலக்கோடு தருமபுரி மாவட்டம். 3) தெ. விஜயலட்சுமி புதுப்பட்டாணியர் தெரு பாலக்கோடு தருமபுரி மாவட்டம். 4) மா. பாகுசாலை முத்துகவுண்டர் தெரு பாலக்கோடு தருமபுரி மாவட்டம். 5) இ. சசிலா இந்திரா காலனி பாலக்கோடு தருமபுரி மாவட்டம்.

காரிமங்கலம் பேரூர்

அமைப்பாளர் - ப. பத்மா பெரியமிட்டாஅள்ளி, காரிமங்கலம் வட்டம் தருமபுரி மாவட்டம்.

துணை அமைப்பாளர்கள் - 1) அ. ரஸ்வரி அம்பேத்கர் நகர், காரிமங்கலம் வட்டம், தருமபுரி மாவட்டம். 2) அ. மல்லிகா மேல் தெரு, காரிமங்கலம் வட்டம், தருமபுரி மாவட்டம். 3) ச. சரமேஸ்வரி ஆர். எஸ். எப். தெரு காரிமங்கலம் வட்டம், தருமபுரி மாவட்டம். 4) மா. பரமேஸ்வரி வேணுகோபால்சாமி கோயில் தெரு, காரிமங்கலம் வட்டம், தருமபுரி மாவட்டம்.

குறிப்பு: பாப்பிரெட்டிப்பட்டி கிழக்கு, பாப்பிரெட்டிப்பட்டி மத்தியம், அரூர் கிழக்கு, அரூர் மேற்கு, அரூர் தெற்கு, பாலக்கோடு மத்தியம், பாலக்கோடு மேற்கு, பாலக்கோடு தெற்கு ஆகிய ஒன்றியங்களுக்கு பின்னர் அறிவிக்கப்படும்.
